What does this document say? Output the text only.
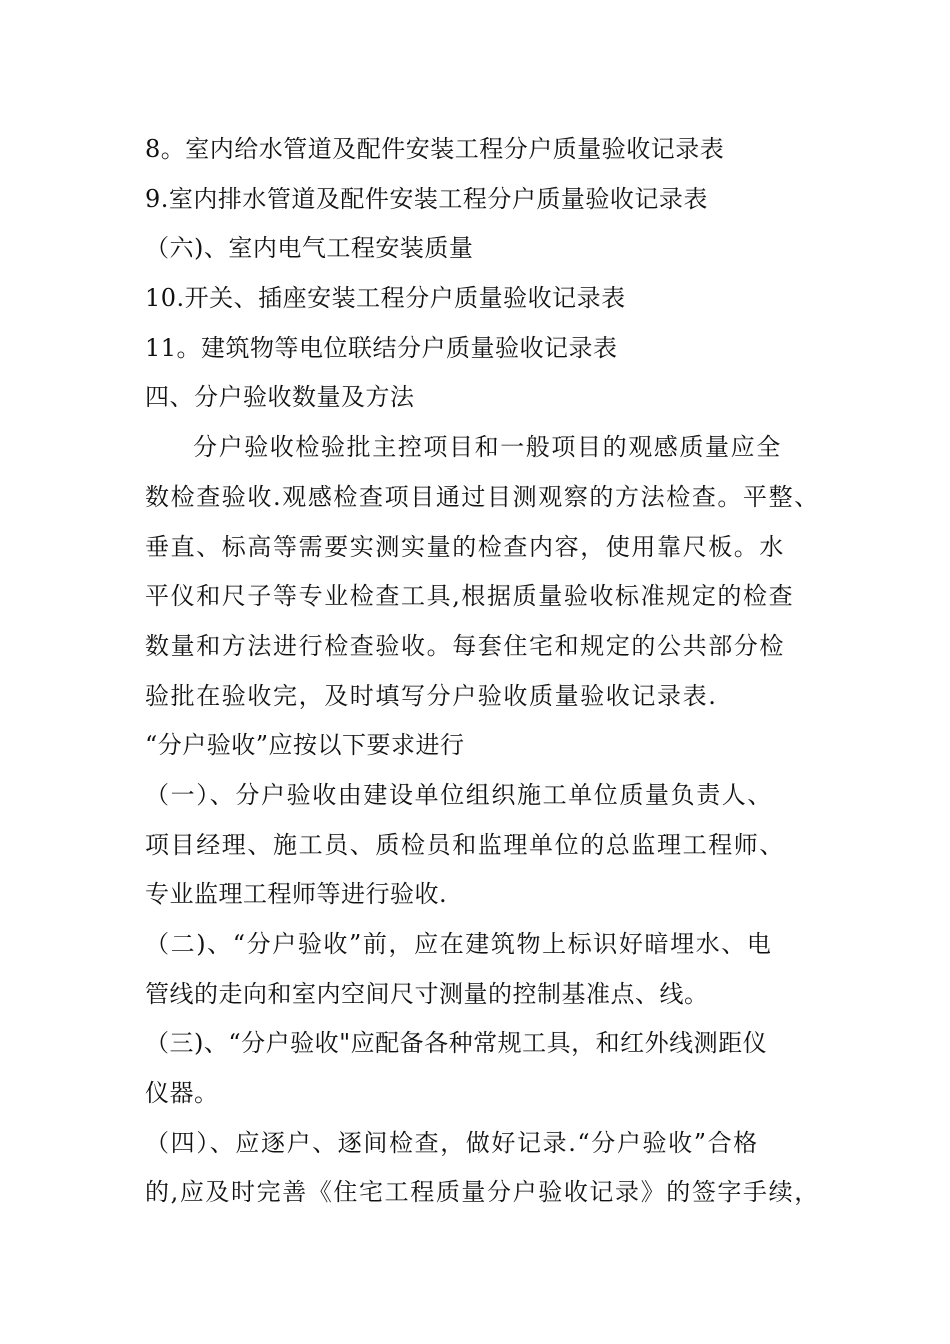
8。室内给水管道及配件安装工程分户质量验收记录表
9.室内排水管道及配件安装工程分户质量验收记录表
（六)、室内电气工程安装质量
10.开关、插座安装工程分户质量验收记录表
11。建筑物等电位联结分户质量验收记录表
四、分户验收数量及方法
分户验收检验批主控项目和一般项目的观感质量应全
数检查验收.观感检查项目通过目测观察的方法检查。平整、
垂直、标高等需要实测实量的检查内容，使用靠尺板。水
平仪和尺子等专业检查工具,根据质量验收标准规定的检查
数量和方法进行检查验收。每套住宅和规定的公共部分检
验批在验收完，及时填写分户验收质量验收记录表.
“分户验收”应按以下要求进行
（一）、分户验收由建设单位组织施工单位质量负责人、
项目经理、施工员、质检员和监理单位的总监理工程师、
专业监理工程师等进行验收.
（二)、“分户验收”前，应在建筑物上标识好暗埋水、电
管线的走向和室内空间尺寸测量的控制基准点、线。
（三)、“分户验收"应配备各种常规工具，和红外线测距仪
仪器。
（四）、应逐户、逐间检查，做好记录.“分户验收”合格
的,应及时完善《住宅工程质量分户验收记录》的签字手续，
